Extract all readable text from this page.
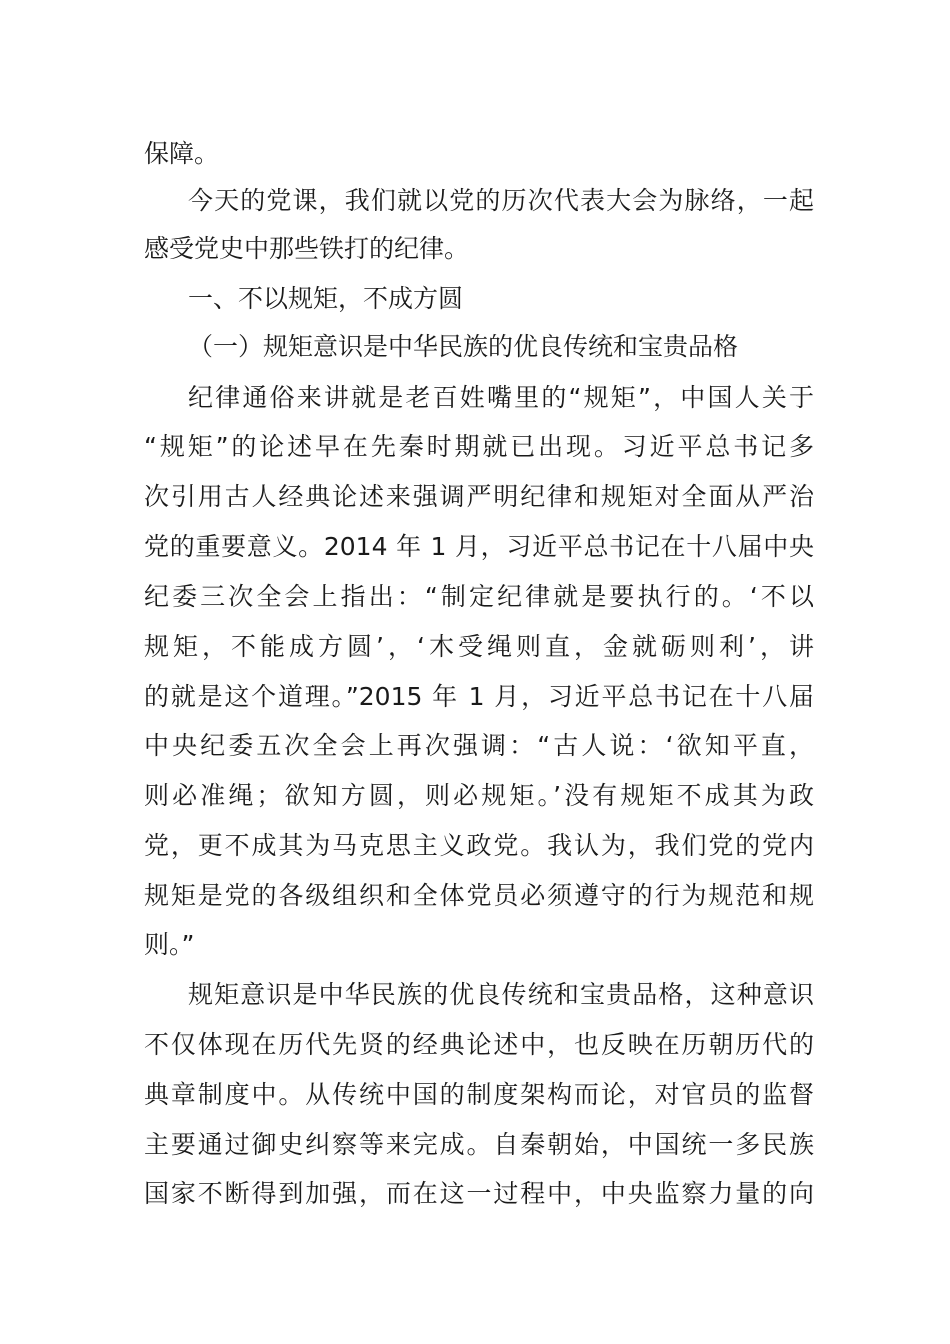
保障。
今天的党课，我们就以党的历次代表大会为脉络，一起
感受党史中那些铁打的纪律。
一、不以规矩，不成方圆
（一）规矩意识是中华民族的优良传统和宝贵品格
纪律通俗来讲就是老百姓嘴里的“规矩”，中国人关于
“规矩”的论述早在先秦时期就已出现。习近平总书记多
次引用古人经典论述来强调严明纪律和规矩对全面从严治
党的重要意义。2014 年 1 月，习近平总书记在十八届中央
纪委三次全会上指出：“制定纪律就是要执行的。‘不以
规矩，不能成方圆’，‘木受绳则直，金就砺则利’，讲
的就是这个道理。”2015 年 1 月，习近平总书记在十八届
中央纪委五次全会上再次强调：“古人说：‘欲知平直，
则必准绳；欲知方圆，则必规矩。’没有规矩不成其为政
党，更不成其为马克思主义政党。我认为，我们党的党内
规矩是党的各级组织和全体党员必须遵守的行为规范和规
则。”
规矩意识是中华民族的优良传统和宝贵品格，这种意识
不仅体现在历代先贤的经典论述中，也反映在历朝历代的
典章制度中。从传统中国的制度架构而论，对官员的监督
主要通过御史纠察等来完成。自秦朝始，中国统一多民族
国家不断得到加强，而在这一过程中，中央监察力量的向
